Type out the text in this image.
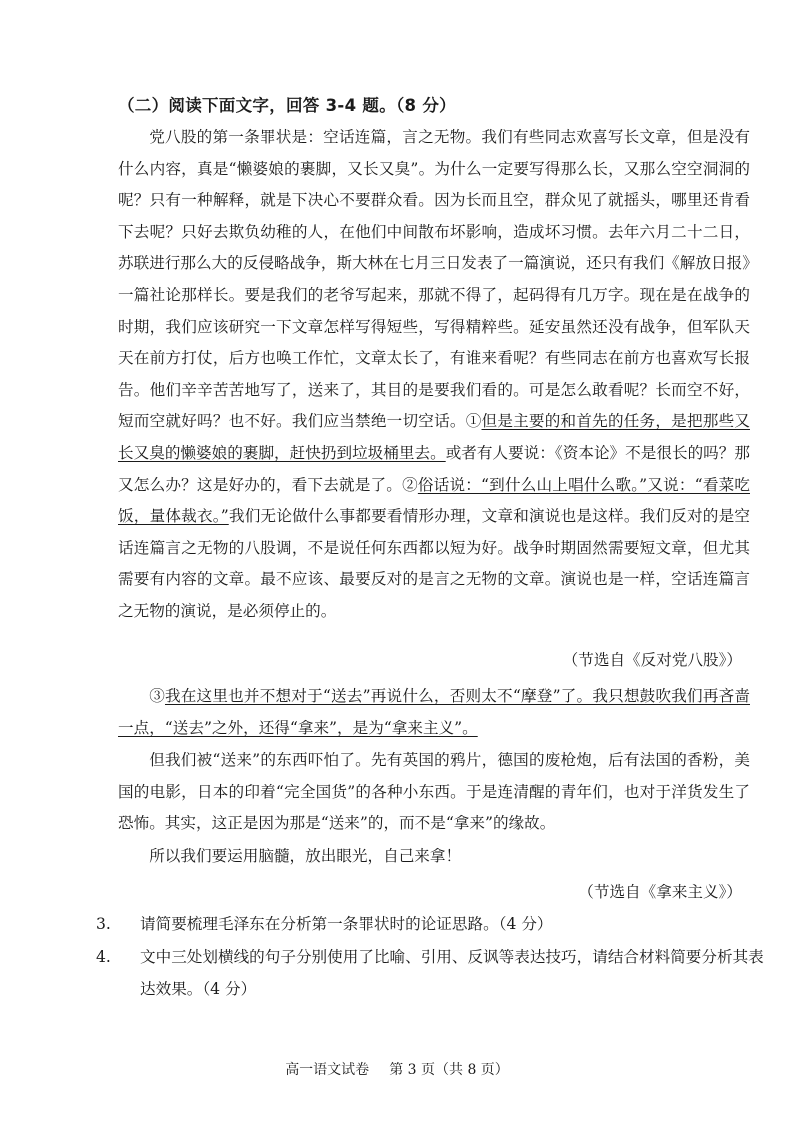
（二）阅读下面文字，回答 3-4 题。（8 分）

党八股的第一条罪状是：空话连篇，言之无物。我们有些同志欢喜写长文章，但是没有什么内容，真是“懒婆娘的裹脚，又长又臭”。为什么一定要写得那么长，又那么空空洞洞的呢？只有一种解释，就是下决心不要群众看。因为长而且空，群众见了就摇头，哪里还肯看下去呢？只好去欺负幼稚的人，在他们中间散布坏影响，造成坏习惯。去年六月二十二日，苏联进行那么大的反侵略战争，斯大林在七月三日发表了一篇演说，还只有我们《解放日报》一篇社论那样长。要是我们的老爷写起来，那就不得了，起码得有几万字。现在是在战争的时期，我们应该研究一下文章怎样写得短些，写得精粹些。延安虽然还没有战争，但军队天天在前方打仗，后方也唤工作忙，文章太长了，有谁来看呢？有些同志在前方也喜欢写长报告。他们辛辛苦苦地写了，送来了，其目的是要我们看的。可是怎么敢看呢？长而空不好，短而空就好吗？也不好。我们应当禁绝一切空话。①但是主要的和首先的任务，是把那些又长又臭的懒婆娘的裹脚，赶快扔到垃圾桶里去。或者有人要说：《资本论》不是很长的吗？那又怎么办？这是好办的，看下去就是了。②俗话说：“到什么山上唱什么歌。”又说：“看菜吃饭，量体裁衣。”我们无论做什么事都要看情形办理，文章和演说也是这样。我们反对的是空话连篇言之无物的八股调，不是说任何东西都以短为好。战争时期固然需要短文章，但尤其需要有内容的文章。最不应该、最要反对的是言之无物的文章。演说也是一样，空话连篇言之无物的演说，是必须停止的。

（节选自《反对党八股》）

③我在这里也并不想对于“送去”再说什么，否则太不“摩登”了。我只想鼓吹我们再吝啬一点，“送去”之外，还得“拿来”，是为“拿来主义”。

但我们被“送来”的东西吓怕了。先有英国的鸦片，德国的废枪炮，后有法国的香粉，美国的电影，日本的印着“完全国货”的各种小东西。于是连清醒的青年们，也对于洋货发生了恐怖。其实，这正是因为那是“送来”的，而不是“拿来”的缘故。

所以我们要运用脑髓，放出眼光，自己来拿！

（节选自《拿来主义》）
3. 请简要梳理毛泽东在分析第一条罪状时的论证思路。（4 分）
4. 文中三处划横线的句子分别使用了比喻、引用、反讽等表达技巧，请结合材料简要分析其表达效果。（4 分）
高一语文试卷 第 3 页（共 8 页）
